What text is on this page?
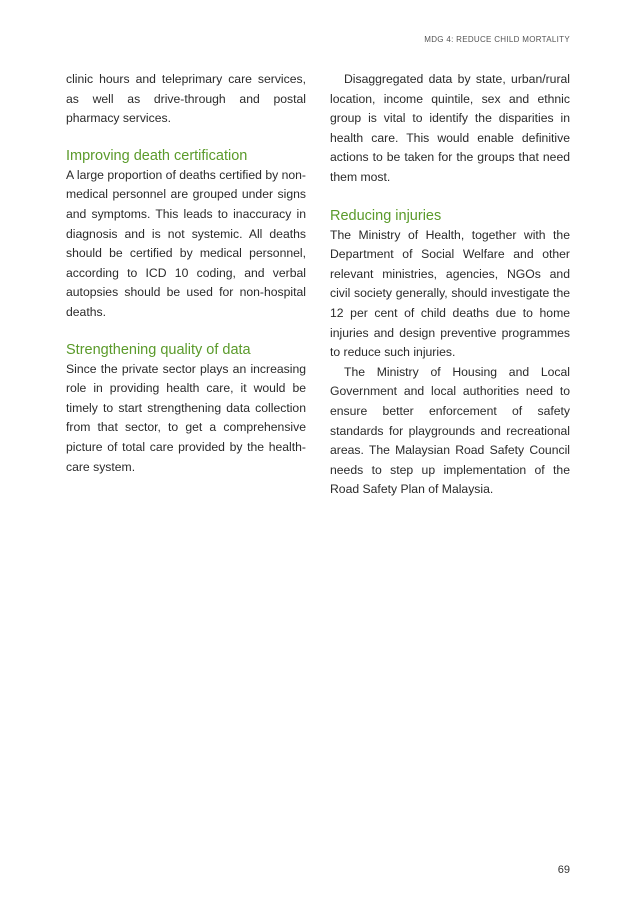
MDG 4: REDUCE CHILD MORTALITY

clinic hours and teleprimary care services, as well as drive-through and postal pharmacy services.

Improving death certification

A large proportion of deaths certified by non-medical personnel are grouped under signs and symptoms. This leads to inaccuracy in diagnosis and is not systemic. All deaths should be certified by medical personnel, according to ICD 10 coding, and verbal autopsies should be used for non-hospital deaths.

Strengthening quality of data

Since the private sector plays an increasing role in providing health care, it would be timely to start strengthening data collection from that sector, to get a comprehensive picture of total care provided by the health-care system.

Disaggregated data by state, urban/rural location, income quintile, sex and ethnic group is vital to identify the disparities in health care. This would enable definitive actions to be taken for the groups that need them most.

Reducing injuries

The Ministry of Health, together with the Department of Social Welfare and other relevant ministries, agencies, NGOs and civil society generally, should investigate the 12 per cent of child deaths due to home injuries and design preventive programmes to reduce such injuries.

The Ministry of Housing and Local Government and local authorities need to ensure better enforcement of safety standards for playgrounds and recreational areas. The Malaysian Road Safety Council needs to step up implementation of the Road Safety Plan of Malaysia.

69
